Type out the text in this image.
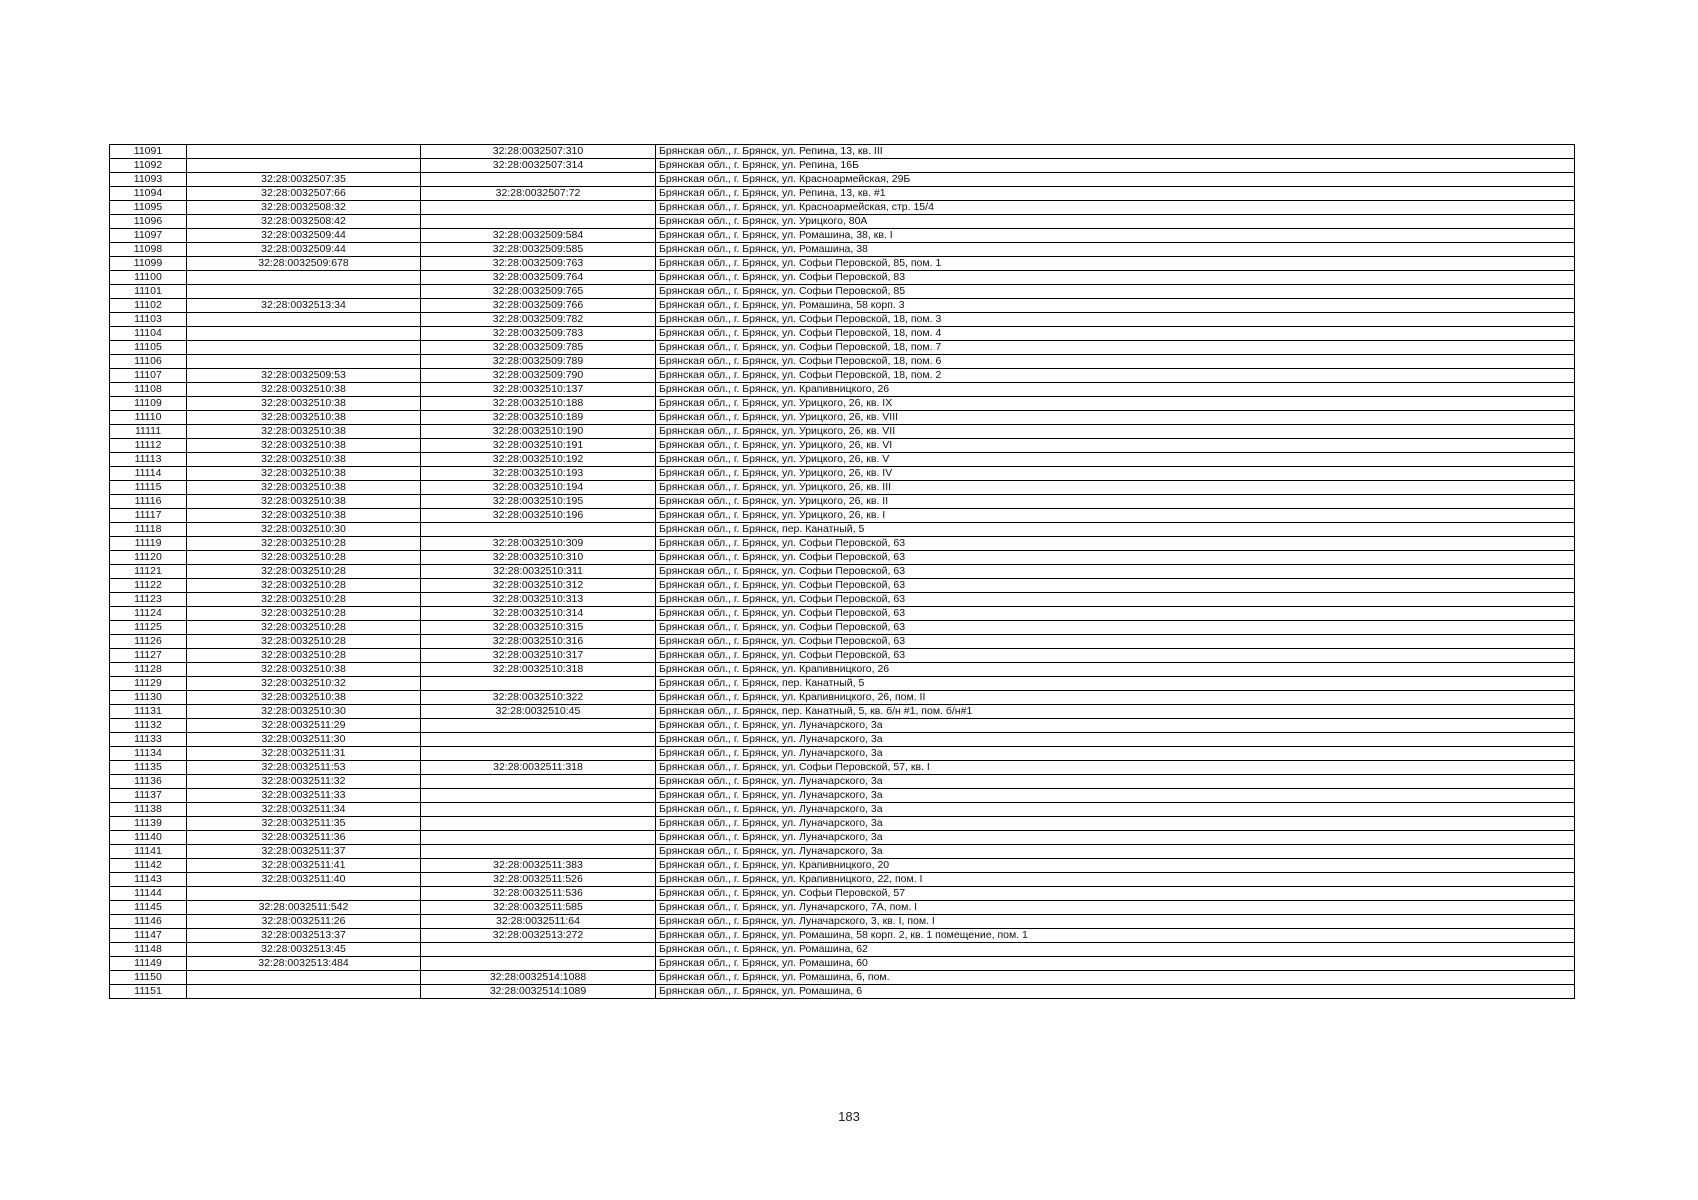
11091		32:28:0032507:310	Брянская обл., г. Брянск, ул. Репина, 13, кв. III
11092		32:28:0032507:314	Брянская обл., г. Брянск, ул. Репина, 16Б
11093	32:28:0032507:35		Брянская обл., г. Брянск, ул. Красноармейская, 29Б
11094	32:28:0032507:66	32:28:0032507:72	Брянская обл., г. Брянск, ул. Репина, 13, кв. #1
11095	32:28:0032508:32		Брянская обл., г. Брянск, ул. Красноармейская, стр. 15/4
11096	32:28:0032508:42		Брянская обл., г. Брянск, ул. Урицкого, 80А
11097	32:28:0032509:44	32:28:0032509:584	Брянская обл., г. Брянск, ул. Ромашина, 38, кв. I
11098	32:28:0032509:44	32:28:0032509:585	Брянская обл., г. Брянск, ул. Ромашина, 38
11099	32:28:0032509:678	32:28:0032509:763	Брянская обл., г. Брянск, ул. Софьи Перовской, 85, пом. 1
11100		32:28:0032509:764	Брянская обл., г. Брянск, ул. Софьи Перовской, 83
11101		32:28:0032509:765	Брянская обл., г. Брянск, ул. Софьи Перовской, 85
11102	32:28:0032513:34	32:28:0032509:766	Брянская обл., г. Брянск, ул. Ромашина, 58 корп. 3
11103		32:28:0032509:782	Брянская обл., г. Брянск, ул. Софьи Перовской, 18, пом. 3
11104		32:28:0032509:783	Брянская обл., г. Брянск, ул. Софьи Перовской, 18, пом. 4
11105		32:28:0032509:785	Брянская обл., г. Брянск, ул. Софьи Перовской, 18, пом. 7
11106		32:28:0032509:789	Брянская обл., г. Брянск, ул. Софьи Перовской, 18, пом. 6
11107	32:28:0032509:53	32:28:0032509:790	Брянская обл., г. Брянск, ул. Софьи Перовской, 18, пом. 2
11108	32:28:0032510:38	32:28:0032510:137	Брянская обл., г. Брянск, ул. Крапивницкого, 26
11109	32:28:0032510:38	32:28:0032510:188	Брянская обл., г. Брянск, ул. Урицкого, 26, кв. IX
11110	32:28:0032510:38	32:28:0032510:189	Брянская обл., г. Брянск, ул. Урицкого, 26, кв. VIII
11111	32:28:0032510:38	32:28:0032510:190	Брянская обл., г. Брянск, ул. Урицкого, 26, кв. VII
11112	32:28:0032510:38	32:28:0032510:191	Брянская обл., г. Брянск, ул. Урицкого, 26, кв. VI
11113	32:28:0032510:38	32:28:0032510:192	Брянская обл., г. Брянск, ул. Урицкого, 26, кв. V
11114	32:28:0032510:38	32:28:0032510:193	Брянская обл., г. Брянск, ул. Урицкого, 26, кв. IV
11115	32:28:0032510:38	32:28:0032510:194	Брянская обл., г. Брянск, ул. Урицкого, 26, кв. III
11116	32:28:0032510:38	32:28:0032510:195	Брянская обл., г. Брянск, ул. Урицкого, 26, кв. II
11117	32:28:0032510:38	32:28:0032510:196	Брянская обл., г. Брянск, ул. Урицкого, 26, кв. I
11118	32:28:0032510:30		Брянская обл., г. Брянск, пер. Канатный, 5
11119	32:28:0032510:28	32:28:0032510:309	Брянская обл., г. Брянск, ул. Софьи Перовской, 63
11120	32:28:0032510:28	32:28:0032510:310	Брянская обл., г. Брянск, ул. Софьи Перовской, 63
11121	32:28:0032510:28	32:28:0032510:311	Брянская обл., г. Брянск, ул. Софьи Перовской, 63
11122	32:28:0032510:28	32:28:0032510:312	Брянская обл., г. Брянск, ул. Софьи Перовской, 63
11123	32:28:0032510:28	32:28:0032510:313	Брянская обл., г. Брянск, ул. Софьи Перовской, 63
11124	32:28:0032510:28	32:28:0032510:314	Брянская обл., г. Брянск, ул. Софьи Перовской, 63
11125	32:28:0032510:28	32:28:0032510:315	Брянская обл., г. Брянск, ул. Софьи Перовской, 63
11126	32:28:0032510:28	32:28:0032510:316	Брянская обл., г. Брянск, ул. Софьи Перовской, 63
11127	32:28:0032510:28	32:28:0032510:317	Брянская обл., г. Брянск, ул. Софьи Перовской, 63
11128	32:28:0032510:38	32:28:0032510:318	Брянская обл., г. Брянск, ул. Крапивницкого, 26
11129	32:28:0032510:32		Брянская обл., г. Брянск, пер. Канатный, 5
11130	32:28:0032510:38	32:28:0032510:322	Брянская обл., г. Брянск, ул. Крапивницкого, 26, пом. II
11131	32:28:0032510:30	32:28:0032510:45	Брянская обл., г. Брянск, пер. Канатный, 5, кв. б/н #1, пом. б/н#1
11132	32:28:0032511:29		Брянская обл., г. Брянск, ул. Луначарского, 3а
11133	32:28:0032511:30		Брянская обл., г. Брянск, ул. Луначарского, 3а
11134	32:28:0032511:31		Брянская обл., г. Брянск, ул. Луначарского, 3а
11135	32:28:0032511:53	32:28:0032511:318	Брянская обл., г. Брянск, ул. Софьи Перовской, 57, кв. I
11136	32:28:0032511:32		Брянская обл., г. Брянск, ул. Луначарского, 3а
11137	32:28:0032511:33		Брянская обл., г. Брянск, ул. Луначарского, 3а
11138	32:28:0032511:34		Брянская обл., г. Брянск, ул. Луначарского, 3а
11139	32:28:0032511:35		Брянская обл., г. Брянск, ул. Луначарского, 3а
11140	32:28:0032511:36		Брянская обл., г. Брянск, ул. Луначарского, 3а
11141	32:28:0032511:37		Брянская обл., г. Брянск, ул. Луначарского, 3а
11142	32:28:0032511:41	32:28:0032511:383	Брянская обл., г. Брянск, ул. Крапивницкого, 20
11143	32:28:0032511:40	32:28:0032511:526	Брянская обл., г. Брянск, ул. Крапивницкого, 22, пом. I
11144		32:28:0032511:536	Брянская обл., г. Брянск, ул. Софьи Перовской, 57
11145	32:28:0032511:542	32:28:0032511:585	Брянская обл., г. Брянск, ул. Луначарского, 7А, пом. I
11146	32:28:0032511:26	32:28:0032511:64	Брянская обл., г. Брянск, ул. Луначарского, 3, кв. I, пом. I
11147	32:28:0032513:37	32:28:0032513:272	Брянская обл., г. Брянск, ул. Ромашина, 58 корп. 2, кв. 1 помещение, пом. 1
11148	32:28:0032513:45		Брянская обл., г. Брянск, ул. Ромашина, 62
11149	32:28:0032513:484		Брянская обл., г. Брянск, ул. Ромашина, 60
11150		32:28:0032514:1088	Брянская обл., г. Брянск, ул. Ромашина, 6, пом.
11151		32:28:0032514:1089	Брянская обл., г. Брянск, ул. Ромашина, 6
183
